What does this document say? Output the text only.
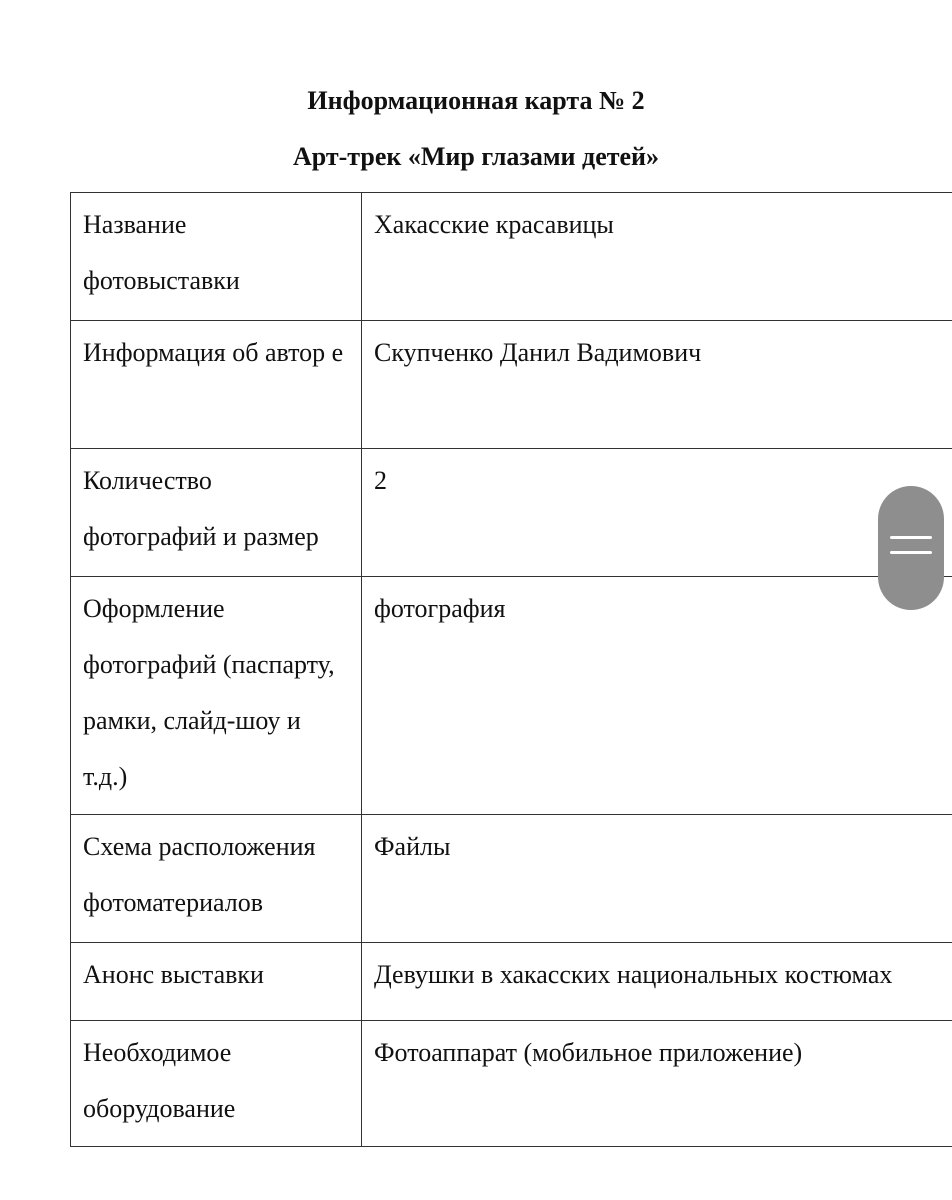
Информационная карта № 2
Арт-трек «Мир глазами детей»
Название фотовыставки	Хакасские красавицы
Информация об автор е	Скупченко Данил Вадимович
Количество фотографий и размер	2
Оформление фотографий (паспарту, рамки, слайд-шоу и т.д.)	фотография
Схема расположения фотоматериалов	Файлы
Анонс выставки	Девушки в хакасских национальных костюмах
Необходимое оборудование	Фотоаппарат (мобильное приложение)
